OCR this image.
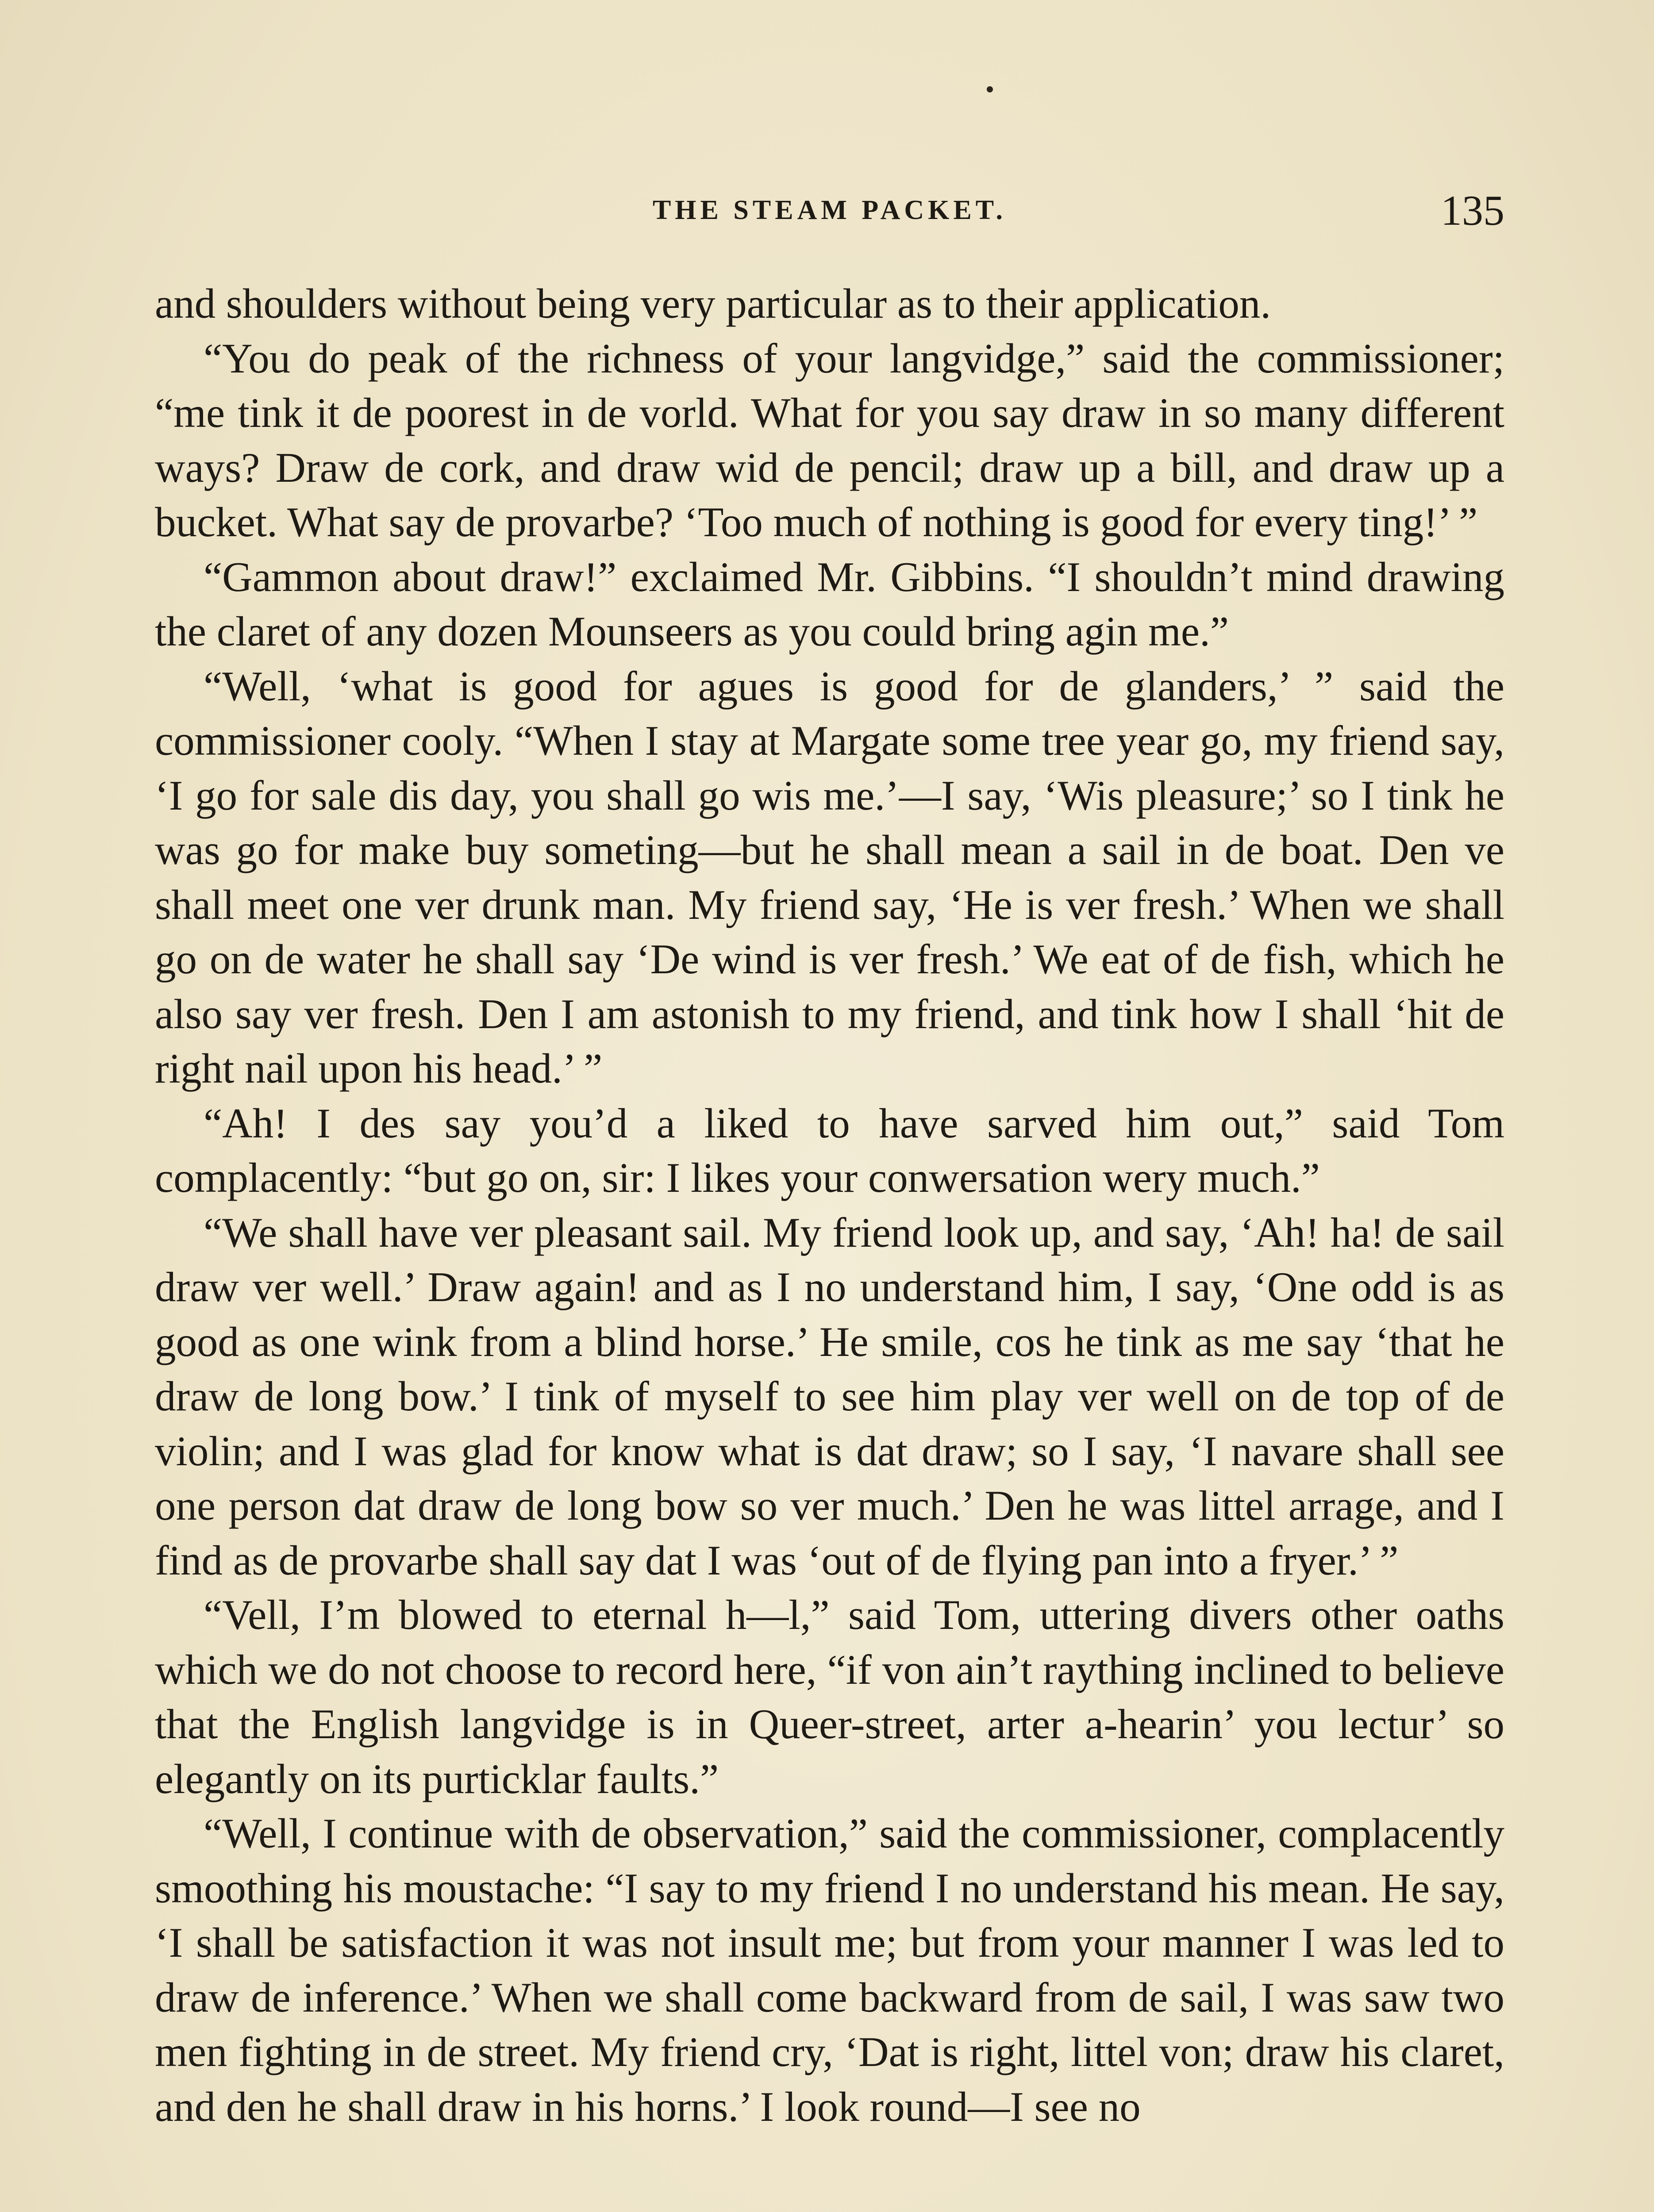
THE STEAM PACKET.	135

and shoulders without being very particular as to their application.

“You do peak of the richness of your langvidge,” said the commissioner; “me tink it de poorest in de vorld. What for you say draw in so many different ways? Draw de cork, and draw wid de pencil; draw up a bill, and draw up a bucket. What say de provarbe? ‘Too much of nothing is good for every ting!’ ”

“Gammon about draw!” exclaimed Mr. Gibbins. “I shouldn’t mind drawing the claret of any dozen Mounseers as you could bring agin me.”

“Well, ‘what is good for agues is good for de glanders,’ ” said the commissioner cooly. “When I stay at Margate some tree year go, my friend say, ‘I go for sale dis day, you shall go wis me.’—I say, ‘Wis pleasure;’ so I tink he was go for make buy someting—but he shall mean a sail in de boat. Den ve shall meet one ver drunk man. My friend say, ‘He is ver fresh.’ When we shall go on de water he shall say ‘De wind is ver fresh.’ We eat of de fish, which he also say ver fresh. Den I am astonish to my friend, and tink how I shall ‘hit de right nail upon his head.’ ”

“Ah! I des say you’d a liked to have sarved him out,” said Tom complacently: “but go on, sir: I likes your conwersation wery much.”

“We shall have ver pleasant sail. My friend look up, and say, ‘Ah! ha! de sail draw ver well.’ Draw again! and as I no understand him, I say, ‘One odd is as good as one wink from a blind horse.’ He smile, cos he tink as me say ‘that he draw de long bow.’ I tink of myself to see him play ver well on de top of de violin; and I was glad for know what is dat draw; so I say, ‘I navare shall see one person dat draw de long bow so ver much.’ Den he was littel arrage, and I find as de provarbe shall say dat I was ‘out of de flying pan into a fryer.’ ”

“Vell, I’m blowed to eternal h—l,” said Tom, uttering divers other oaths which we do not choose to record here, “if von ain’t raything inclined to believe that the English langvidge is in Queer-street, arter a-hearin’ you lectur’ so elegantly on its purticklar faults.”

“Well, I continue with de observation,” said the commissioner, complacently smoothing his moustache: “I say to my friend I no understand his mean. He say, ‘I shall be satisfaction it was not insult me; but from your manner I was led to draw de inference.’ When we shall come backward from de sail, I was saw two men fighting in de street. My friend cry, ‘Dat is right, littel von; draw his claret, and den he shall draw in his horns.’ I look round—I see no
